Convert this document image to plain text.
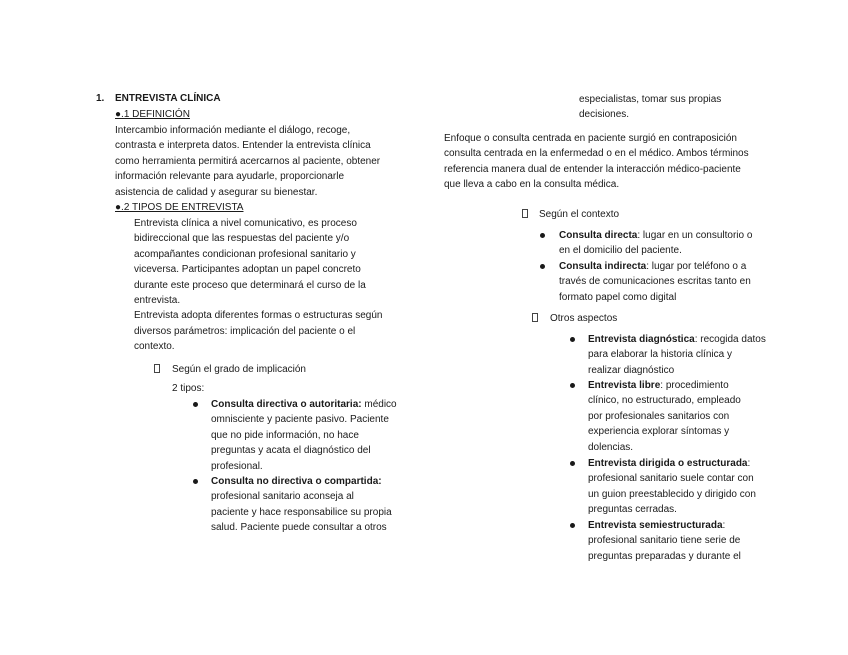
1. ENTREVISTA CLÍNICA
●.1 DEFINICIÓN
Intercambio información mediante el diálogo, recoge,
contrasta e interpreta datos. Entender la entrevista clínica
como herramienta permitirá acercarnos al paciente, obtener
información relevante para ayudarle, proporcionarle
asistencia de calidad y asegurar su bienestar.
●.2 TIPOS DE ENTREVISTA
Entrevista clínica a nivel comunicativo, es proceso
bidireccional que las respuestas del paciente y/o
acompañantes condicionan profesional sanitario y
viceversa. Participantes adoptan un papel concreto
durante este proceso que determinará el curso de la
entrevista.
Entrevista adopta diferentes formas o estructuras según
diversos parámetros: implicación del paciente o el
contexto.
Según el grado de implicación
2 tipos:
Consulta directiva o autoritaria: médico
omnisciente y paciente pasivo. Paciente
que no pide información, no hace
preguntas y acata el diagnóstico del
profesional.
Consulta no directiva o compartida:
profesional sanitario aconseja al
paciente y hace responsabilice su propia
salud. Paciente puede consultar a otros
especialistas, tomar sus propias
decisiones.
Enfoque o consulta centrada en paciente surgió en contraposición
consulta centrada en la enfermedad o en el médico. Ambos términos
referencia manera dual de entender la interacción médico-paciente
que lleva a cabo en la consulta médica.
Según el contexto
Consulta directa: lugar en un consultorio o
en el domicilio del paciente.
Consulta indirecta: lugar por teléfono o a
través de comunicaciones escritas tanto en
formato papel como digital
Otros aspectos
Entrevista diagnóstica: recogida datos
para elaborar la historia clínica y
realizar diagnóstico
Entrevista libre: procedimiento
clínico, no estructurado, empleado
por profesionales sanitarios con
experiencia explorar síntomas y
dolencias.
Entrevista dirigida o estructurada:
profesional sanitario suele contar con
un guion preestablecido y dirigido con
preguntas cerradas.
Entrevista semiestructurada:
profesional sanitario tiene serie de
preguntas preparadas y durante el
